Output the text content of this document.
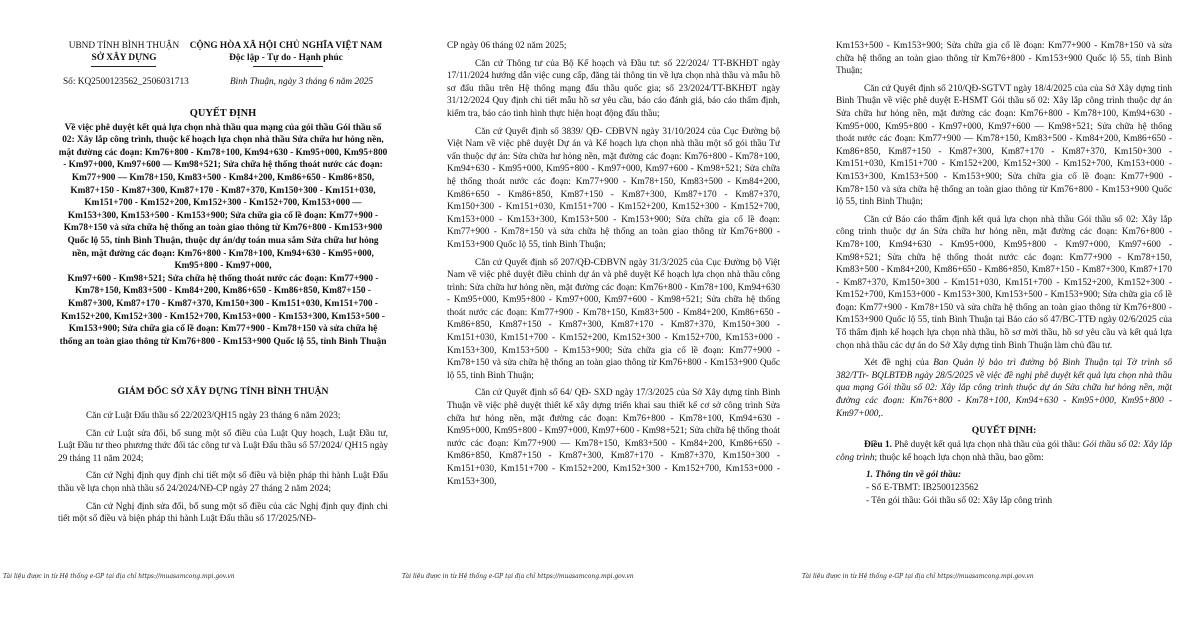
UBND TỈNH BÌNH THUẬN
SỞ XÂY DỰNG
CỘNG HÒA XÃ HỘI CHỦ NGHĨA VIỆT NAM
Độc lập - Tự do - Hạnh phúc
Số: KQ2500123562_2506031713	Bình Thuận, ngày 3 tháng 6 năm 2025
QUYẾT ĐỊNH
Về việc phê duyệt kết quả lựa chọn nhà thầu qua mạng của gói thầu Gói thầu số 02: Xây lắp công trình, thuộc kế hoạch lựa chọn nhà thầu Sửa chữa hư hỏng nền, mặt đường các đoạn: Km76+800 - Km78+100, Km94+630 - Km95+000, Km95+800 - Km97+000, Km97+600 — Km98+521; Sửa chữa hệ thống thoát nước các đoạn: Km77+900 — Km78+150, Km83+500 - Km84+200, Km86+650 - Km86+850, Km87+150 - Km87+300, Km87+170 - Km87+370, Km150+300 - Km151+030, Km151+700 - Km152+200, Km152+300 - Km152+700, Km153+000 — Km153+300, Km153+500 - Km153+900; Sửa chữa gia cố lề đoạn: Km77+900 - Km78+150 và sửa chữa hệ thống an toàn giao thông từ Km76+800 - Km153+900 Quốc lộ 55, tỉnh Bình Thuận, thuộc dự án/dự toán mua sắm Sửa chữa hư hỏng nền, mặt đường các đoạn: Km76+800 - Km78+100, Km94+630 - Km95+000, Km95+800 - Km97+000,
Km97+600 - Km98+521; Sửa chữa hệ thống thoát nước các đoạn: Km77+900 - Km78+150, Km83+500 - Km84+200, Km86+650 - Km86+850, Km87+150 - Km87+300, Km87+170 - Km87+370, Km150+300 - Km151+030, Km151+700 - Km152+200, Km152+300 - Km152+700, Km153+000 - Km153+300, Km153+500 - Km153+900; Sửa chữa gia cố lề đoạn: Km77+900 - Km78+150 và sửa chữa hệ thống an toàn giao thông từ Km76+800 - Km153+900 Quốc lộ 55, tỉnh Bình Thuận
GIÁM ĐỐC SỞ XÂY DỰNG TỈNH BÌNH THUẬN

Căn cứ Luật Đấu thầu số 22/2023/QH15 ngày 23 tháng 6 năm 2023;

Căn cứ Luật sửa đổi, bổ sung một số điều của Luật Quy hoạch, Luật Đầu tư, Luật Đầu tư theo phương thức đối tác công tư và Luật Đấu thầu số 57/2024/ QH15 ngày 29 tháng 11 năm 2024;

Căn cứ Nghị định quy định chi tiết một số điều và biện pháp thi hành Luật Đấu thầu về lựa chọn nhà thầu số 24/2024/NĐ-CP ngày 27 tháng 2 năm 2024;

Căn cứ Nghị định sửa đổi, bổ sung một số điều của các Nghị định quy định chi tiết một số điều và biện pháp thi hành Luật Đấu thầu số 17/2025/NĐ-

CP ngày 06 tháng 02 năm 2025;

Căn cứ Thông tư của Bộ Kế hoạch và Đầu tư: số 22/2024/ TT-BKHĐT ngày 17/11/2024 hướng dẫn việc cung cấp, đăng tải thông tin về lựa chọn nhà thầu và mẫu hồ sơ đấu thầu trên Hệ thống mạng đấu thầu quốc gia; số 23/2024/TT-BKHĐT ngày 31/12/2024 Quy định chi tiết mẫu hồ sơ yêu cầu, báo cáo đánh giá, báo cáo thẩm định, kiểm tra, báo cáo tình hình thực hiện hoạt động đấu thầu;

Căn cứ Quyết định số 3839/ QĐ- CĐBVN ngày 31/10/2024 của Cục Đường bộ Việt Nam về việc phê duyệt Dự án và Kế hoạch lựa chọn nhà thầu một số gói thầu Tư vấn thuộc dự án: Sửa chữa hư hỏng nền, mặt đường các đoạn: Km76+800 - Km78+100, Km94+630 - Km95+000, Km95+800 - Km97+000, Km97+600 - Km98+521; Sửa chữa hệ thống thoát nước các đoạn: Km77+900 - Km78+150, Km83+500 - Km84+200, Km86+650 - Km86+850, Km87+150 - Km87+300, Km87+170 - Km87+370, Km150+300 - Km151+030, Km151+700 - Km152+200, Km152+300 - Km152+700, Km153+000 - Km153+300, Km153+500 - Km153+900; Sửa chữa gia cố lề đoạn: Km77+900 - Km78+150 và sửa chữa hệ thống an toàn giao thông từ Km76+800 - Km153+900 Quốc lộ 55, tỉnh Bình Thuận;

Căn cứ Quyết định số 207/QĐ-CĐBVN ngày 31/3/2025 của Cục Đường bộ Việt Nam về việc phê duyệt điều chỉnh dự án và phê duyệt Kế hoạch lựa chọn nhà thầu công trình: Sửa chữa hư hỏng nền, mặt đường các đoạn: Km76+800 - Km78+100, Km94+630 - Km95+000, Km95+800 - Km97+000, Km97+600 - Km98+521; Sửa chữa hệ thống thoát nước các đoạn: Km77+900 - Km78+150, Km83+500 - Km84+200, Km86+650 - Km86+850, Km87+150 - Km87+300, Km87+170 - Km87+370, Km150+300 - Km151+030, Km151+700 - Km152+200, Km152+300 - Km152+700, Km153+000 - Km153+300, Km153+500 - Km153+900; Sửa chữa gia cố lề đoạn: Km77+900 - Km78+150 và sửa chữa hệ thống an toàn giao thông từ Km76+800 - Km153+900 Quốc lộ 55, tỉnh Bình Thuận;

Căn cứ Quyết định số 64/ QĐ- SXD ngày 17/3/2025 của Sở Xây dựng tỉnh Bình Thuận về việc phê duyệt thiết kế xây dựng triển khai sau thiết kế cơ sở công trình Sửa chữa hư hỏng nền, mặt đường các đoạn: Km76+800 - Km78+100, Km94+630 - Km95+000, Km95+800 - Km97+000, Km97+600 - Km98+521; Sửa chữa hệ thống thoát nước các đoạn: Km77+900 — Km78+150, Km83+500 - Km84+200, Km86+650 - Km86+850, Km87+150 - Km87+300, Km87+170 - Km87+370, Km150+300 - Km151+030, Km151+700 - Km152+200, Km152+300 - Km152+700, Km153+000 - Km153+300,

Km153+500 - Km153+900; Sửa chữa gia cố lề đoạn: Km77+900 - Km78+150 và sửa chữa hệ thống an toàn giao thông từ Km76+800 - Km153+900 Quốc lộ 55, tỉnh Bình Thuận;

Căn cứ Quyết định số 210/QĐ-SGTVT ngày 18/4/2025 của của Sở Xây dựng tỉnh Bình Thuận về việc phê duyệt E-HSMT Gói thầu số 02: Xây lắp công trình thuộc dự án Sửa chữa hư hỏng nền, mặt đường các đoạn: Km76+800 - Km78+100, Km94+630 - Km95+000, Km95+800 - Km97+000, Km97+600 — Km98+521; Sửa chữa hệ thống thoát nước các đoạn: Km77+900 — Km78+150, Km83+500 - Km84+200, Km86+650 - Km86+850, Km87+150 - Km87+300, Km87+170 - Km87+370, Km150+300 - Km151+030, Km151+700 - Km152+200, Km152+300 - Km152+700, Km153+000 - Km153+300, Km153+500 - Km153+900; Sửa chữa gia cố lề đoạn: Km77+900 - Km78+150 và sửa chữa hệ thống an toàn giao thông từ Km76+800 - Km153+900 Quốc lộ 55, tỉnh Bình Thuận;

Căn cứ Báo cáo thẩm định kết quả lựa chọn nhà thầu Gói thầu số 02: Xây lắp công trình thuộc dự án Sửa chữa hư hỏng nền, mặt đường các đoạn: Km76+800 - Km78+100, Km94+630 - Km95+000, Km95+800 - Km97+000, Km97+600 - Km98+521; Sửa chữa hệ thống thoát nước các đoạn: Km77+900 - Km78+150, Km83+500 - Km84+200, Km86+650 - Km86+850, Km87+150 - Km87+300, Km87+170 - Km87+370, Km150+300 - Km151+030, Km151+700 - Km152+200, Km152+300 - Km152+700, Km153+000 - Km153+300, Km153+500 - Km153+900; Sửa chữa gia cố lề đoạn: Km77+900 - Km78+150 và sửa chữa hệ thống an toàn giao thông từ Km76+800 - Km153+900 Quốc lộ 55, tỉnh Bình Thuận tại Báo cáo số 47/BC-TTĐ ngày 02/6/2025 của Tổ thẩm định kế hoạch lựa chọn nhà thầu, hồ sơ mời thầu, hồ sơ yêu cầu và kết quả lựa chọn nhà thầu các dự án do Sở Xây dựng tỉnh Bình Thuận làm chủ đầu tư.

Xét đề nghị của Ban Quản lý bảo trì đường bộ Bình Thuận tại Tờ trình số 382/TTr- BQLBTĐB ngày 28/5/2025 về việc đề nghị phê duyệt kết quả lựa chọn nhà thầu qua mạng Gói thầu số 02: Xây lắp công trình thuộc dự án Sửa chữa hư hỏng nền, mặt đường các đoạn: Km76+800 - Km78+100, Km94+630 - Km95+000, Km95+800 - Km97+000,.

QUYẾT ĐỊNH:

Điều 1. Phê duyệt kết quả lựa chọn nhà thầu của gói thầu: Gói thầu số 02: Xây lắp công trình; thuộc kế hoạch lựa chọn nhà thầu, bao gồm:

1. Thông tin về gói thầu:

- Số E-TBMT: IB2500123562

- Tên gói thầu: Gói thầu số 02: Xây lắp công trình

Tài liệu được in từ Hệ thống e-GP tại địa chỉ https://muasamcong.mpi.gov.vn	Tài liệu được in từ Hệ thống e-GP tại địa chỉ https://muasamcong.mpi.gov.vn	Tài liệu được in từ Hệ thống e-GP tại địa chỉ https://muasamcong.mpi.gov.vn
